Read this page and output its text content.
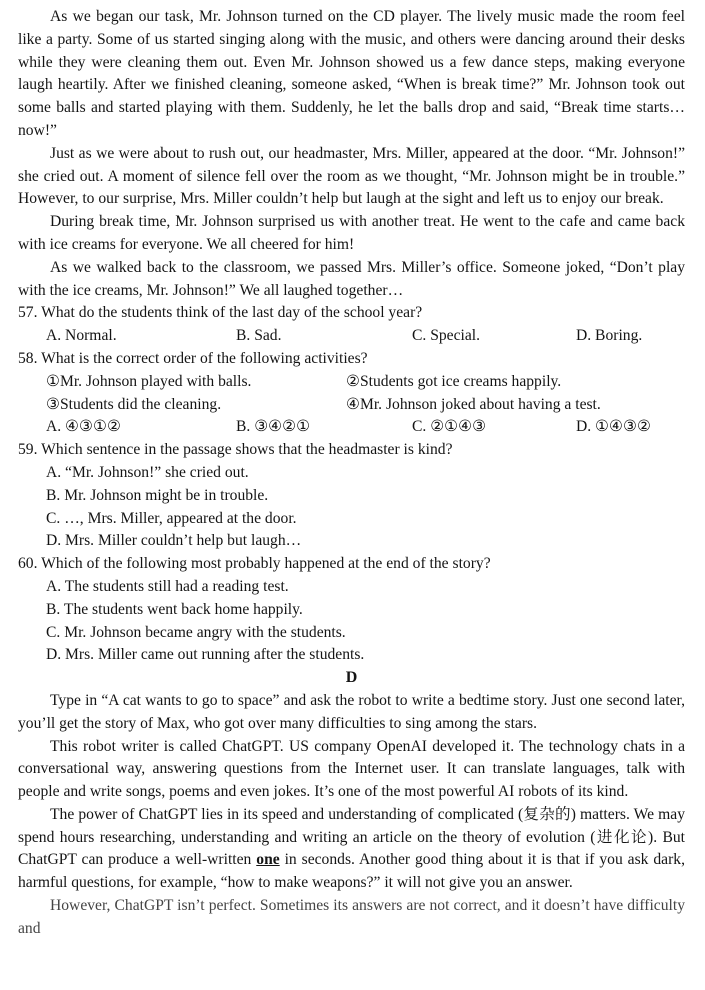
As we began our task, Mr. Johnson turned on the CD player. The lively music made the room feel like a party. Some of us started singing along with the music, and others were dancing around their desks while they were cleaning them out. Even Mr. Johnson showed us a few dance steps, making everyone laugh heartily. After we finished cleaning, someone asked, “When is break time?” Mr. Johnson took out some balls and started playing with them. Suddenly, he let the balls drop and said, “Break time starts…now!”

Just as we were about to rush out, our headmaster, Mrs. Miller, appeared at the door. “Mr. Johnson!” she cried out. A moment of silence fell over the room as we thought, “Mr. Johnson might be in trouble.” However, to our surprise, Mrs. Miller couldn’t help but laugh at the sight and left us to enjoy our break.

During break time, Mr. Johnson surprised us with another treat. He went to the cafe and came back with ice creams for everyone. We all cheered for him!

As we walked back to the classroom, we passed Mrs. Miller’s office. Someone joked, “Don’t play with the ice creams, Mr. Johnson!” We all laughed together…

57. What do the students think of the last day of the school year?

A. Normal.	B. Sad.	C. Special.	D. Boring.

58. What is the correct order of the following activities?

①Mr. Johnson played with balls.	②Students got ice creams happily.
③Students did the cleaning.	④Mr. Johnson joked about having a test.
A. ④③①②	B. ③④②①	C. ②①④③	D. ①④③②

59. Which sentence in the passage shows that the headmaster is kind?

A. “Mr. Johnson!” she cried out.
B. Mr. Johnson might be in trouble.
C. …, Mrs. Miller, appeared at the door.
D. Mrs. Miller couldn’t help but laugh…

60. Which of the following most probably happened at the end of the story?

A. The students still had a reading test.
B. The students went back home happily.
C. Mr. Johnson became angry with the students.
D. Mrs. Miller came out running after the students.

D

Type in “A cat wants to go to space” and ask the robot to write a bedtime story. Just one second later, you’ll get the story of Max, who got over many difficulties to sing among the stars.

This robot writer is called ChatGPT. US company OpenAI developed it. The technology chats in a conversational way, answering questions from the Internet user. It can translate languages, talk with people and write songs, poems and even jokes. It’s one of the most powerful AI robots of its kind.

The power of ChatGPT lies in its speed and understanding of complicated (复杂的) matters. We may spend hours researching, understanding and writing an article on the theory of evolution (进化论). But ChatGPT can produce a well-written one in seconds. Another good thing about it is that if you ask dark, harmful questions, for example, “how to make weapons?” it will not give you an answer.

However, ChatGPT isn’t perfect. Sometimes its answers are not correct, and it doesn’t have difficulty and
